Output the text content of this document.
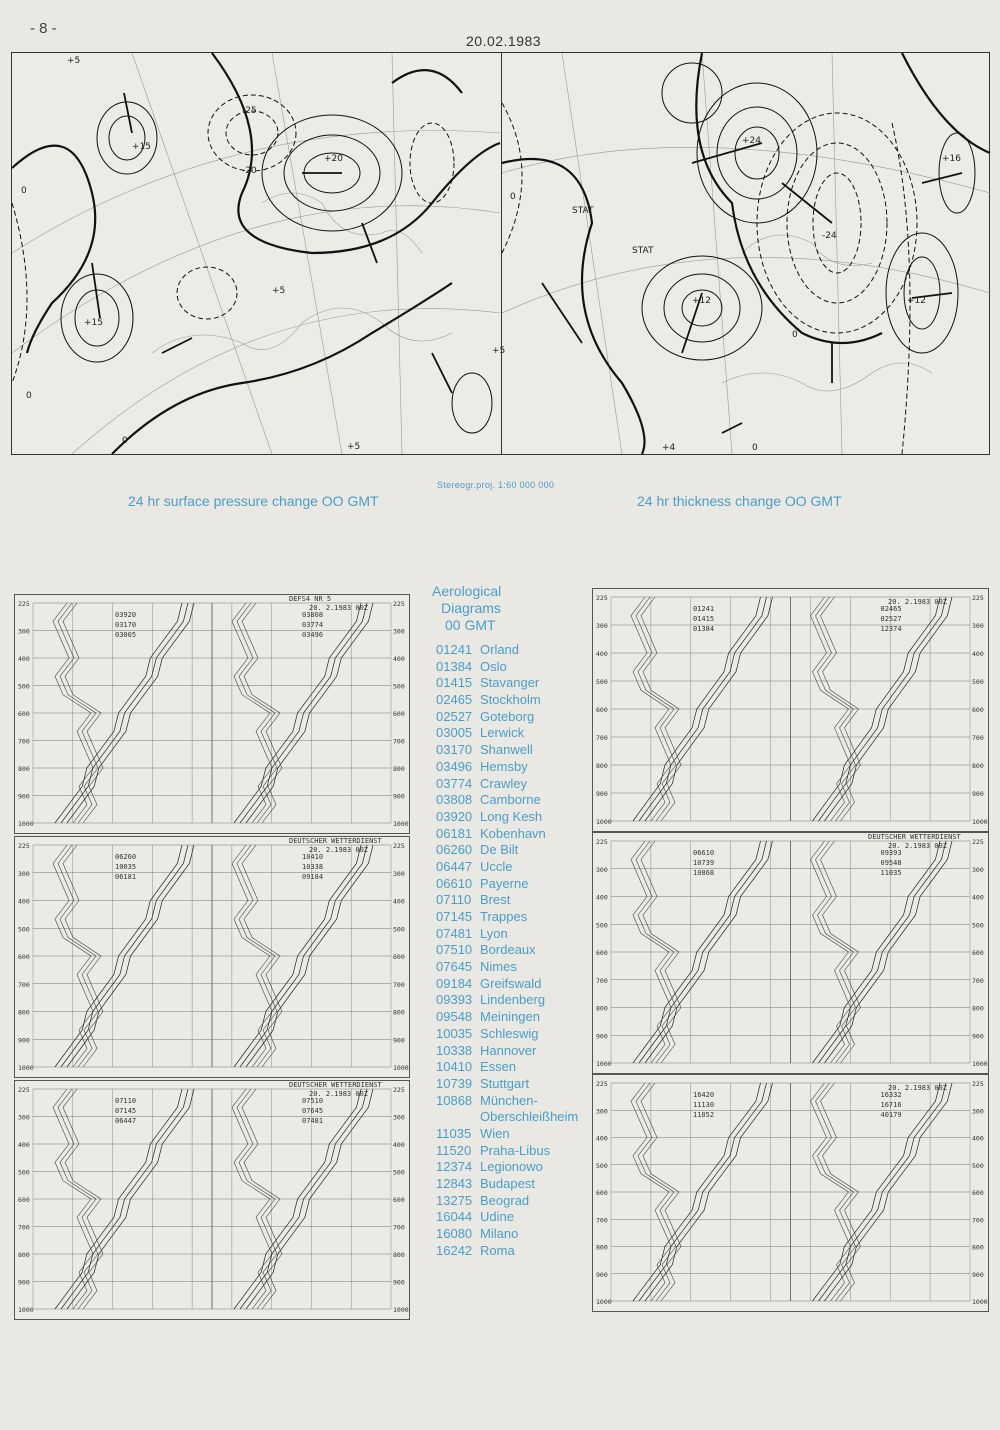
- 8 -
20.02.1983
+5
+15
+15
+20
-25
-20
0
0
0
+5
+5
+5
+24
+12
+16
+12
-24
STAT
STAT
0
0
0
+4
24 hr surface pressure change OO GMT
Stereogr.proj. 1:60 000 000
24 hr thickness change OO GMT
225	225
300	300
400	400
500	500
600	600
700	700
800	800
900	900
1000	1000
DEFS4 NR 5
20. 2.1983 00Z
03920
03170
03005
03808
03774
03496
225	225
300	300
400	400
500	500
600	600
700	700
800	800
900	900
1000	1000
DEUTSCHER WETTERDIENST
20. 2.1983 00Z
06260
10035
06181
10410
10338
09184
225	225
300	300
400	400
500	500
600	600
700	700
800	800
900	900
1000	1000
DEUTSCHER WETTERDIENST
20. 2.1983 00Z
07110
07145
06447
07510
07645
07481
225	225
300	300
400	400
500	500
600	600
700	700
800	800
900	900
1000	1000
20. 2.1983 00Z
01241
01415
01384
02465
02527
12374
225	225
300	300
400	400
500	500
600	600
700	700
800	800
900	900
1000	1000
DEUTSCHER WETTERDIENST
20. 2.1983 00Z
06610
10739
10868
09393
09548
11035
225	225
300	300
400	400
500	500
600	600
700	700
800	800
900	900
1000	1000
20. 2.1983 00Z
16420
11130
11052
16332
16716
40179
Aerological
Diagrams
00 GMT
01241 Orland
01384 Oslo
01415 Stavanger
02465 Stockholm
02527 Goteborg
03005 Lerwick
03170 Shanwell
03496 Hemsby
03774 Crawley
03808 Camborne
03920 Long Kesh
06181 Kobenhavn
06260 De Bilt
06447 Uccle
06610 Payerne
07110 Brest
07145 Trappes
07481 Lyon
07510 Bordeaux
07645 Nimes
09184 Greifswald
09393 Lindenberg
09548 Meiningen
10035 Schleswig
10338 Hannover
10410 Essen
10739 Stuttgart
10868 München-
Oberschleißheim
11035 Wien
11520 Praha-Libus
12374 Legionowo
12843 Budapest
13275 Beograd
16044 Udine
16080 Milano
16242 Roma
